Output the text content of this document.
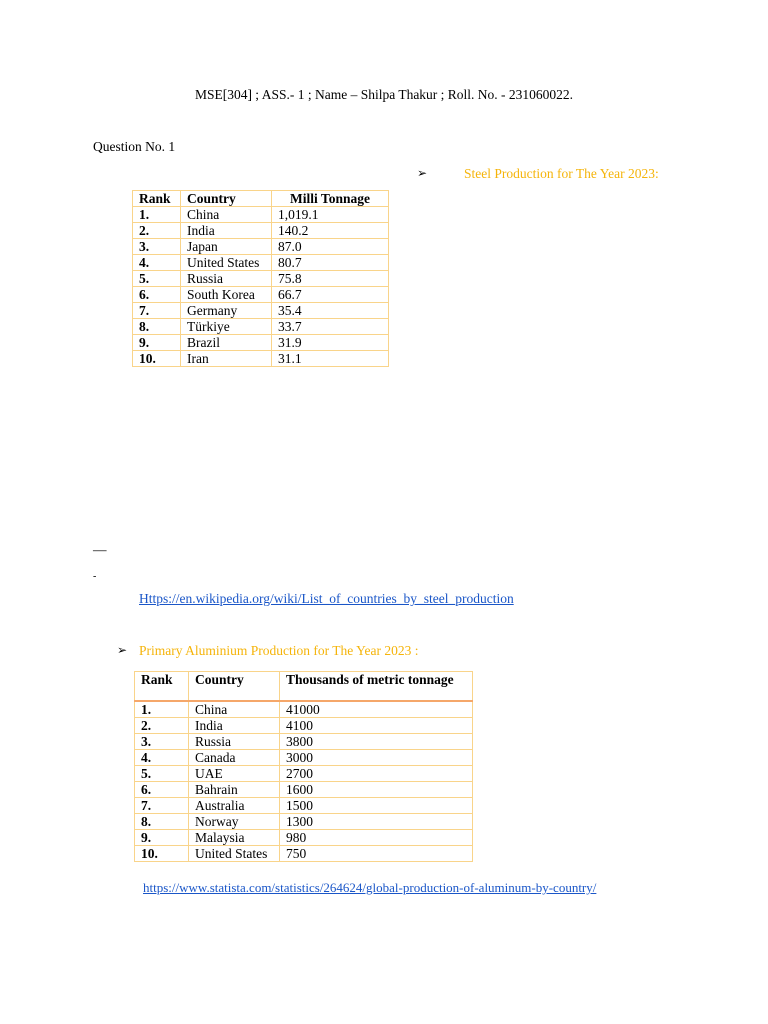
MSE[304] ; ASS.- 1 ; Name – Shilpa Thakur ; Roll. No. - 231060022.
Question No. 1
➢	Steel Production for The Year 2023:
Rank	Country	Milli Tonnage
1.	China	1,019.1
2.	India	140.2
3.	Japan	87.0
4.	United States	80.7
5.	Russia	75.8
6.	South Korea	66.7
7.	Germany	35.4
8.	Türkiye	33.7
9.	Brazil	31.9
10.	Iran	31.1
—
-
Https://en.wikipedia.org/wiki/List_of_countries_by_steel_production
➢ Primary Aluminium Production for The Year 2023 :
Rank	Country	Thousands of metric tonnage
1.	China	41000
2.	India	4100
3.	Russia	3800
4.	Canada	3000
5.	UAE	2700
6.	Bahrain	1600
7.	Australia	1500
8.	Norway	1300
9.	Malaysia	980
10.	United States	750
https://www.statista.com/statistics/264624/global-production-of-aluminum-by-country/
